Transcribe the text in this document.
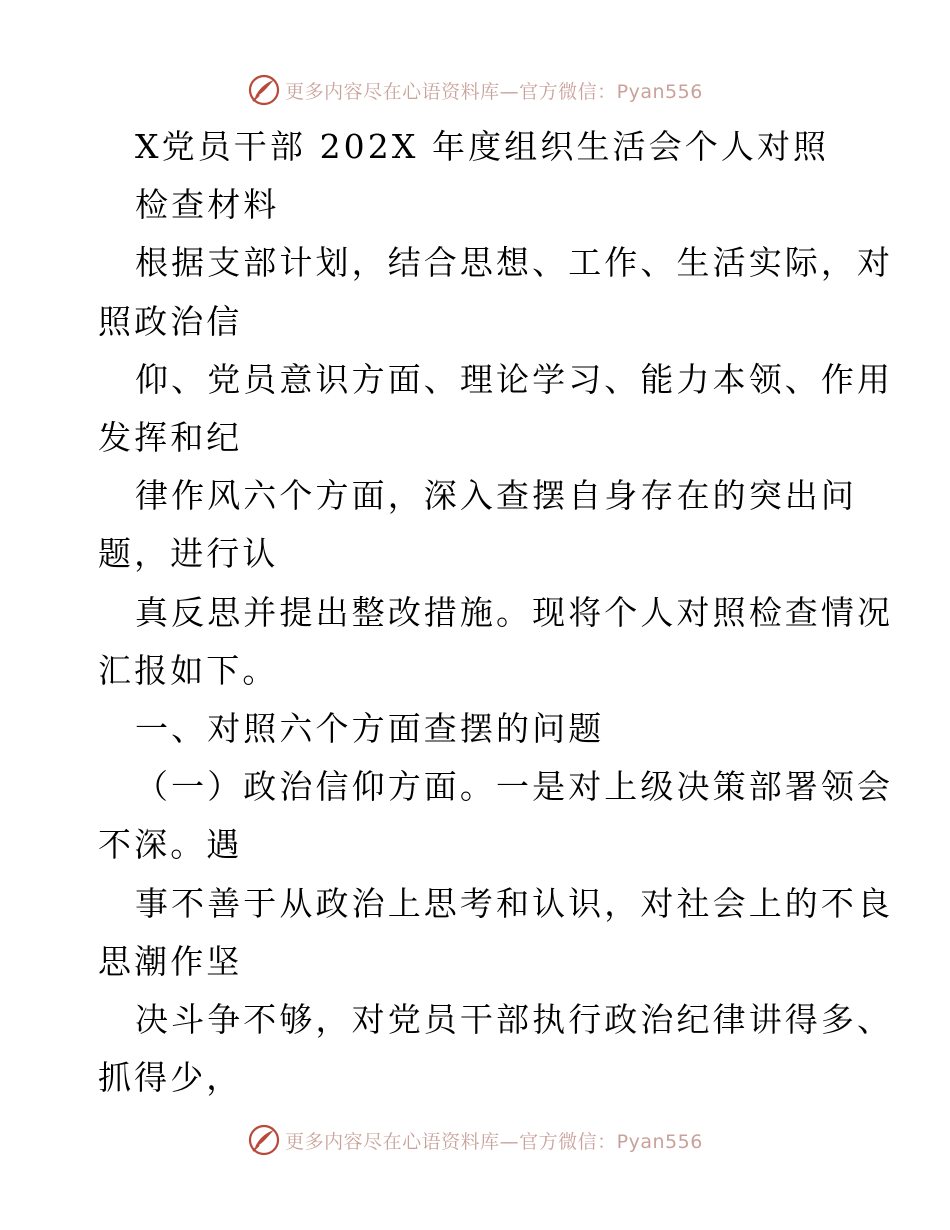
更多内容尽在心语资料库—官方微信：Pyan556
X党员干部 202X 年度组织生活会个人对照
检查材料
根据支部计划，结合思想、工作、生活实际，对
照政治信
仰、党员意识方面、理论学习、能力本领、作用
发挥和纪
律作风六个方面，深入查摆自身存在的突出问
题，进行认
真反思并提出整改措施。现将个人对照检查情况
汇报如下。
一、对照六个方面查摆的问题
（一）政治信仰方面。一是对上级决策部署领会
不深。遇
事不善于从政治上思考和认识，对社会上的不良
思潮作坚
决斗争不够，对党员干部执行政治纪律讲得多、
抓得少，
更多内容尽在心语资料库—官方微信：Pyan556
